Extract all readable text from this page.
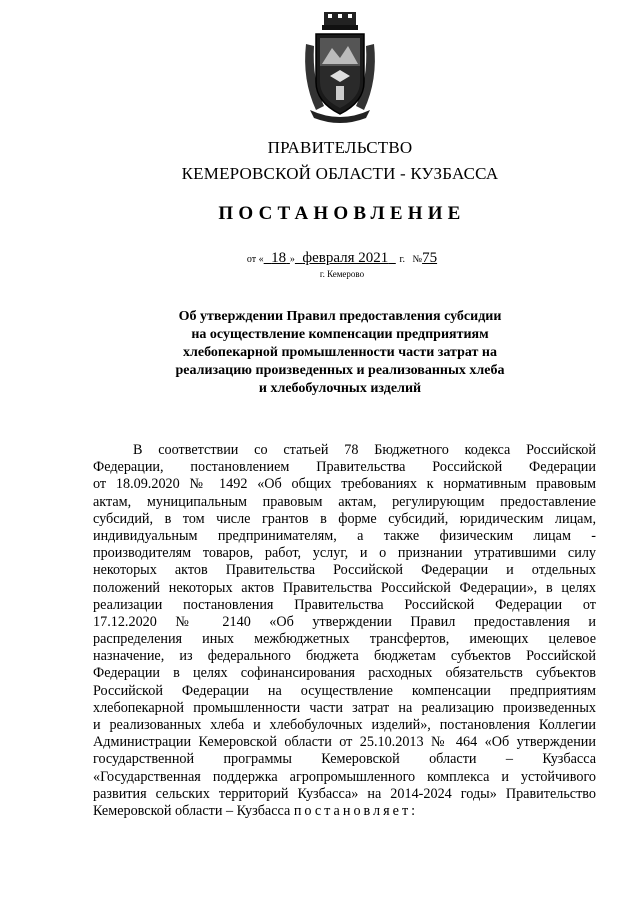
ПРАВИТЕЛЬСТВО
КЕМЕРОВСКОЙ ОБЛАСТИ - КУЗБАССА
ПОСТАНОВЛЕНИЕ
от « 18 » февраля 2021 г. №75
г. Кемерово
Об утверждении Правил предоставления субсидии
на осуществление компенсации предприятиям
хлебопекарной промышленности части затрат на
реализацию произведенных и реализованных хлеба
и хлебобулочных изделий
В соответствии со статьей 78 Бюджетного кодекса Российской
Федерации, постановлением Правительства Российской Федерации
от 18.09.2020 № 1492 «Об общих требованиях к нормативным правовым
актам, муниципальным правовым актам, регулирующим предоставление
субсидий, в том числе грантов в форме субсидий, юридическим лицам,
индивидуальным предпринимателям, а также физическим лицам -
производителям товаров, работ, услуг, и о признании утратившими силу
некоторых актов Правительства Российской Федерации и отдельных
положений некоторых актов Правительства Российской Федерации», в целях
реализации постановления Правительства Российской Федерации от
17.12.2020 № 2140 «Об утверждении Правил предоставления и
распределения иных межбюджетных трансфертов, имеющих целевое
назначение, из федерального бюджета бюджетам субъектов Российской
Федерации в целях софинансирования расходных обязательств субъектов
Российской Федерации на осуществление компенсации предприятиям
хлебопекарной промышленности части затрат на реализацию произведенных
и реализованных хлеба и хлебобулочных изделий», постановления Коллегии
Администрации Кемеровской области от 25.10.2013 № 464 «Об утверждении
государственной программы Кемеровской области – Кузбасса
«Государственная поддержка агропромышленного комплекса и устойчивого
развития сельских территорий Кузбасса» на 2014-2024 годы» Правительство
Кемеровской области – Кузбасса постановляет:
